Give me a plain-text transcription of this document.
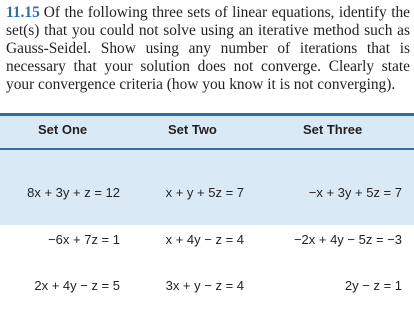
11.15 Of the following three sets of linear equations, identify the set(s) that you could not solve using an iterative method such as Gauss-Seidel. Show using any number of iterations that is necessary that your solution does not converge. Clearly state your convergence criteria (how you know it is not converging).
Set One	Set Two	Set Three

8x + 3y + z = 12

−6x + 7z = 1

2x + 4y − z = 5

x + y + 5z = 7

x + 4y − z = 4

3x + y − z = 4

−x + 3y + 5z = 7

−2x + 4y − 5z = −3

2y − z = 1
